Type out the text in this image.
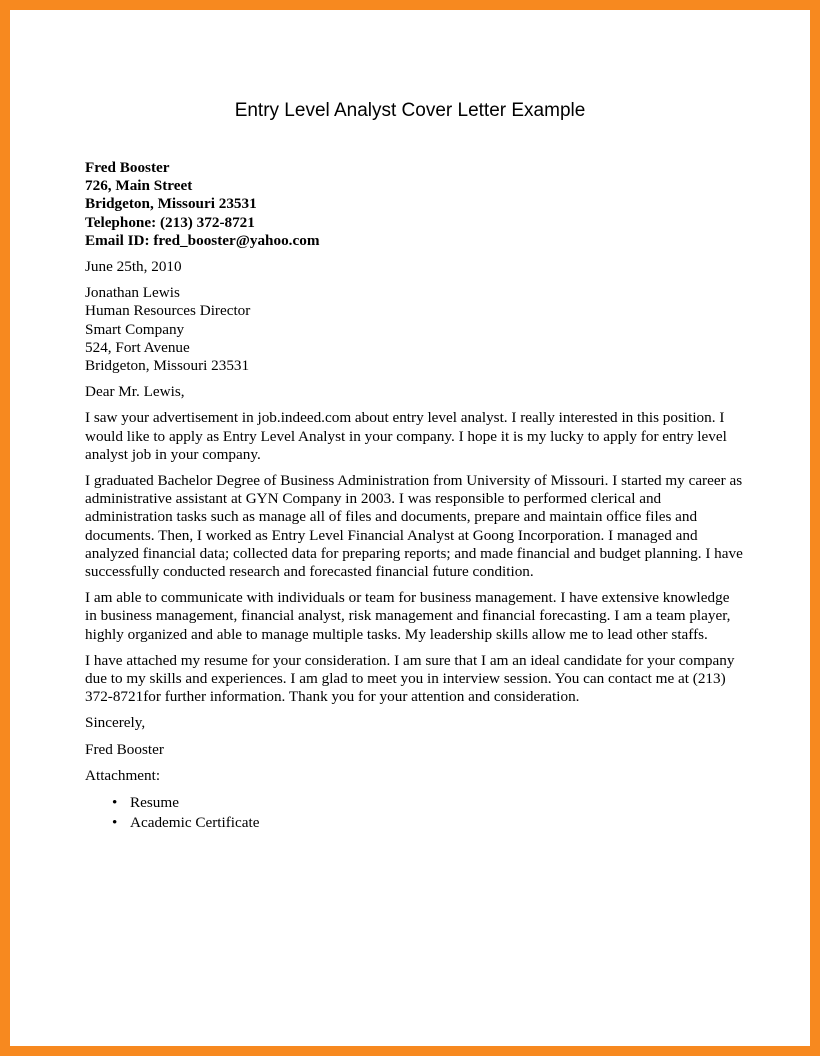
Entry Level Analyst Cover Letter Example
Fred Booster
726, Main Street
Bridgeton, Missouri 23531
Telephone: (213) 372-8721
Email ID: fred_booster@yahoo.com
June 25th, 2010
Jonathan Lewis
Human Resources Director
Smart Company
524, Fort Avenue
Bridgeton, Missouri 23531
Dear Mr. Lewis,

I saw your advertisement in job.indeed.com about entry level analyst. I really interested in this position. I would like to apply as Entry Level Analyst in your company. I hope it is my lucky to apply for entry level analyst job in your company.

I graduated Bachelor Degree of Business Administration from University of Missouri. I started my career as administrative assistant at GYN Company in 2003. I was responsible to performed clerical and administration tasks such as manage all of files and documents, prepare and maintain office files and documents. Then, I worked as Entry Level Financial Analyst at Goong Incorporation. I managed and analyzed financial data; collected data for preparing reports; and made financial and budget planning. I have successfully conducted research and forecasted financial future condition.

I am able to communicate with individuals or team for business management. I have extensive knowledge in business management, financial analyst, risk management and financial forecasting. I am a team player, highly organized and able to manage multiple tasks. My leadership skills allow me to lead other staffs.

I have attached my resume for your consideration. I am sure that I am an ideal candidate for your company due to my skills and experiences. I am glad to meet you in interview session. You can contact me at (213) 372-8721for further information. Thank you for your attention and consideration.

Sincerely,
Fred Booster
Attachment:
• Resume
• Academic Certificate
